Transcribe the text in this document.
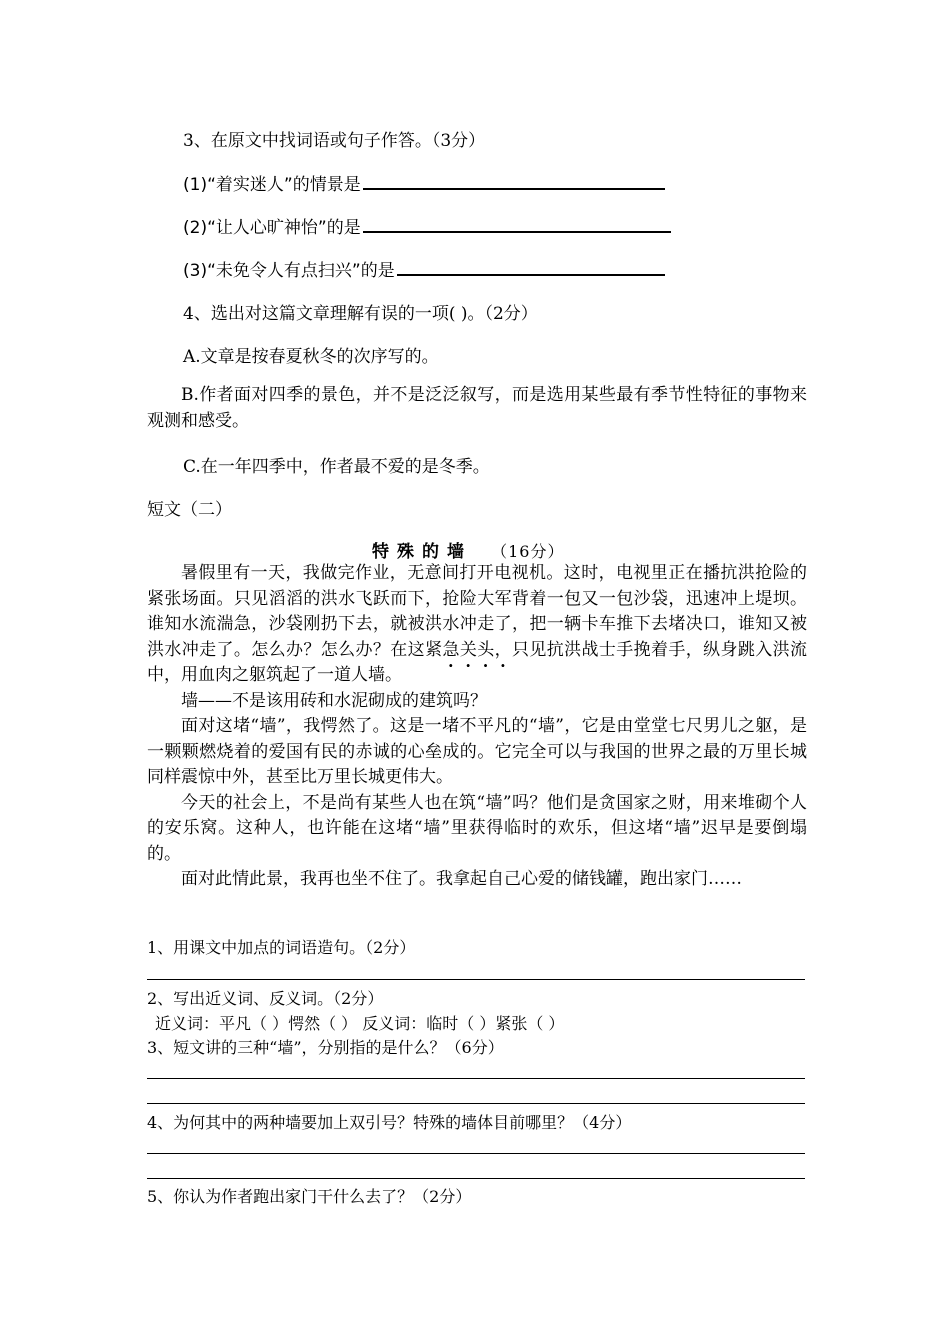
3、在原文中找词语或句子作答。（3分）
(1)“着实迷人”的情景是
(2)“让人心旷神怡”的是
(3)“未免令人有点扫兴”的是
4、选出对这篇文章理解有误的一项( )。（2分）
A.文章是按春夏秋冬的次序写的。

B.作者面对四季的景色，并不是泛泛叙写，而是选用某些最有季节性特征的事物来观测和感受。

C.在一年四季中，作者最不爱的是冬季。
短文（二）
特殊的墙 （16分）

暑假里有一天，我做完作业，无意间打开电视机。这时，电视里正在播抗洪抢险的紧张场面。只见滔滔的洪水飞跃而下，抢险大军背着一包又一包沙袋，迅速冲上堤坝。谁知水流湍急，沙袋刚扔下去，就被洪水冲走了，把一辆卡车推下去堵决口，谁知又被洪水冲走了。怎么办？怎么办？在这紧急关头，只见抗洪战士手挽着手，纵身跳入洪流中，用血肉之躯筑起了一道人墙。

墙——不是该用砖和水泥砌成的建筑吗？

面对这堵“墙”，我愕然了。这是一堵不平凡的“墙”，它是由堂堂七尺男儿之躯，是一颗颗燃烧着的爱国有民的赤诚的心垒成的。它完全可以与我国的世界之最的万里长城同样震惊中外，甚至比万里长城更伟大。

今天的社会上，不是尚有某些人也在筑“墙”吗？他们是贪国家之财，用来堆砌个人的安乐窝。这种人，也许能在这堵“墙”里获得临时的欢乐，但这堵“墙”迟早是要倒塌的。

面对此情此景，我再也坐不住了。我拿起自己心爱的储钱罐，跑出家门……

1、用课文中加点的词语造句。（2分）
2、写出近义词、反义词。（2分）
近义词：平凡（ ）愕然（ ） 反义词：临时（ ）紧张（ ）
3、短文讲的三种“墙”，分别指的是什么？（6分）
4、为何其中的两种墙要加上双引号？特殊的墙体目前哪里？（4分）
5、你认为作者跑出家门干什么去了？（2分）
